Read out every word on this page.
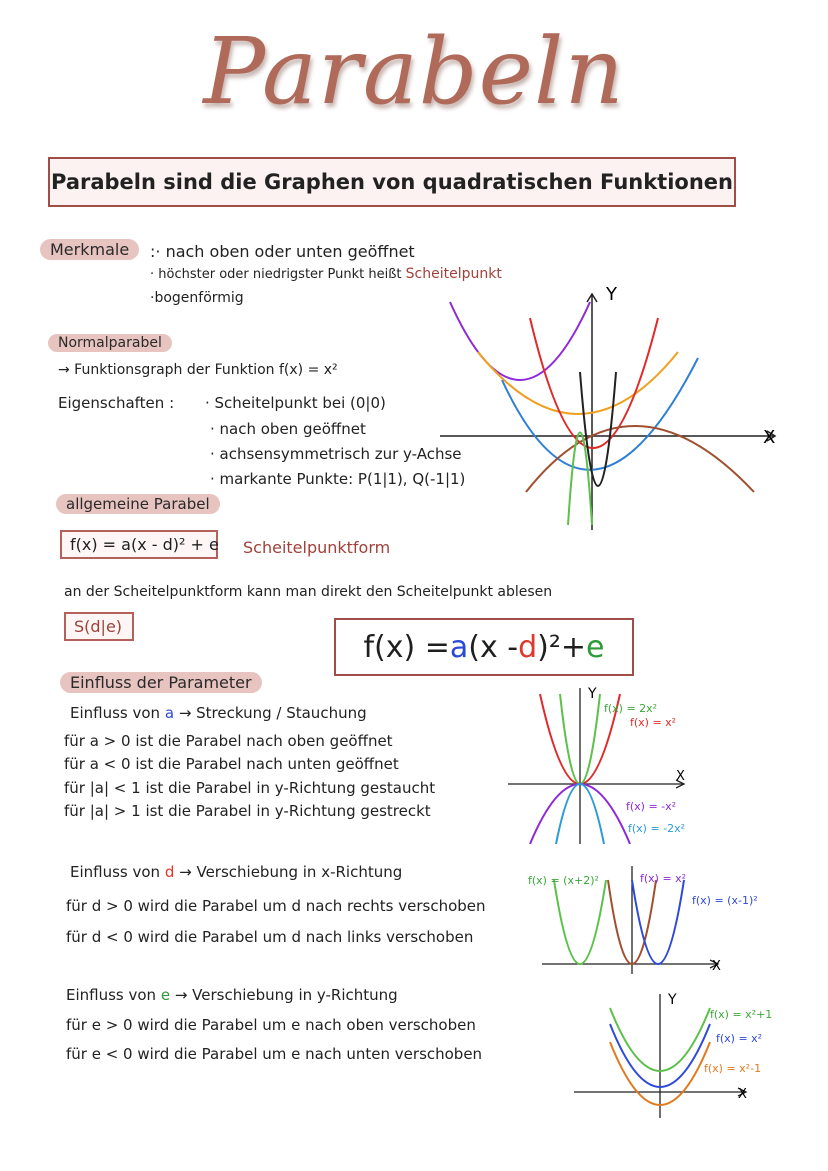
Parabeln
Parabeln sind die Graphen von quadratischen Funktionen
Merkmale	:· nach oben oder unten geöffnet
· höchster oder niedrigster Punkt heißt Scheitelpunkt
·bogenförmig
Normalparabel
→ Funktionsgraph der Funktion f(x) = x²
Eigenschaften : · Scheitelpunkt bei (0|0)
· nach oben geöffnet
· achsensymmetrisch zur y-Achse
· markante Punkte: P(1|1), Q(-1|1)
allgemeine Parabel
f(x) = a(x - d)² + e Scheitelpunktform
an der Scheitelpunktform kann man direkt den Scheitelpunkt ablesen
S(d|e)
f(x) = a (x - d )²+ e
Einfluss der Parameter
Einfluss von a → Streckung / Stauchung
für a > 0 ist die Parabel nach oben geöffnet
für a < 0 ist die Parabel nach unten geöffnet
für |a| < 1 ist die Parabel in y-Richtung gestaucht
für |a| > 1 ist die Parabel in y-Richtung gestreckt
Einfluss von d → Verschiebung in x-Richtung
für d > 0 wird die Parabel um d nach rechts verschoben
für d < 0 wird die Parabel um d nach links verschoben
Einfluss von e → Verschiebung in y-Richtung
für e > 0 wird die Parabel um e nach oben verschoben
für e < 0 wird die Parabel um e nach unten verschoben
Y
X
Y
X
f(x) = 2x²
f(x) = x²
f(x) = -x²
f(x) = -2x²
X
f(x) = (x+2)²	f(x) = x²
f(x) = (x-1)²
Y
X
f(x) = x²+1
f(x) = x²
f(x) = x²-1
